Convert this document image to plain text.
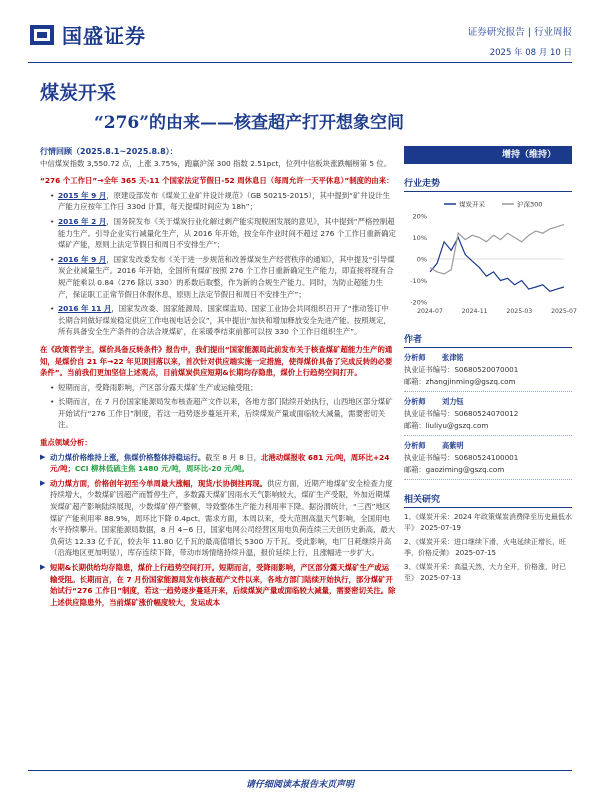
国盛证券	证券研究报告 | 行业周报
2025 年 08 月 10 日
煤炭开采
“276”的由来——核查超产打开想象空间
行情回顾（2025.8.1~2025.8.8）：
中信煤炭指数 3,550.72 点，上涨 3.75%，跑赢沪深 300 指数 2.51pct，位列中信板块涨跌幅榜第 5 位。
“276 个工作日”→全年 365 天-11 个国家法定节假日-52 周休息日（每周允许一天平休息）”制度的由来：
• 2015 年 9 月，原建设部发布《煤炭工业矿井设计规范》（GB 50215-2015），其中提到“矿井设计生产能力应按年工作日 330d 计算，每天提煤时间应为 18h”；
• 2016 年 2 月，国务院发布《关于煤炭行业化解过剩产能实现脱困发展的意见》，其中提到“严格控制超能力生产。引导企业实行减量化生产，从 2016 年开始，按全年作业时间不超过 276 个工作日重新确定煤矿产能，原则上法定节假日和周日不安排生产”；
• 2016 年 9 月，国家发改委发布《关于进一步规范和改善煤炭生产经营秩序的通知》，其中提及“引导煤炭企业减量生产。2016 年开始，全国所有煤矿按照 276 个工作日重新确定生产能力，即直接将现有合规产能乘以 0.84（276 除以 330）的系数后取整，作为新的合规生产能力。同时，为防止超能力生产，保证职工正常节假日休假休息，原则上法定节假日和周日不安排生产”；
• 2016 年 11 月，国家发改委、国家能源局、国家煤监局、国家工业协会共同组织召开了“推动签订中长期合同做好煤炭稳定供应工作电视电话会议”，其中提出“加快和增加释放安全先进产能。按照规定，所有具备安全生产条件的合法合规煤矿，在采暖季结束前都可以按 330 个工作日组织生产”。
在《政策哲学主，煤价具备反转条件》报告中，我们提出“国家能源局此前发布关于核查煤矿超能力生产的通知，是煤价自 21 年→22 年见顶回落以来，首次针对供应端实施一定措施，使得煤价具备了完成反转的必要条件”。当前我们更加坚信上述观点，目前煤炭供应短期&长期均存隐患，煤价上行趋势空间打开。
• 短期而言，受降雨影响，产区部分露天煤矿生产或运输受阻；
• 长期而言，在 7 月份国家能源局发布核查超产文件以来，各地方部门陆续开始执行，山西地区部分煤矿开始试行“276 工作日”制度，若这一趋势逐步蔓延开来，后续煤炭产量或面临较大减量，需要密切关注。
重点领域分析：
▶ 动力煤价格维持上涨，焦煤价格整体持稳运行。截至 8 月 8 日，北港动煤报收 681 元/吨，周环比+24 元/吨；CCI 柳林低硫主焦 1480 元/吨，周环比-20 元/吨。
▶ 动力煤方面，价格创年初至今单周最大涨幅，现货/长协倒挂再现。供应方面，近期产地煤矿安全检查力度持续增大，少数煤矿因超产而暂停生产，多数露天煤矿因雨水天气影响较大，煤矿生产受限，外加近期煤炭煤矿超产影响陆续展现，少数煤矿停产整顿，导致整体生产能力利用率下降。据汾渭统计，“三西”地区煤矿产能利用率 88.9%，周环比下降 0.4pct。需求方面，本周以来，受大范围高温天气影响，全国用电水平持续攀升。国家能源局数据，8 月 4~6 日，国家电网公司经营区用电负荷连续三天创历史新高，最大负荷达 12.33 亿千瓦，较去年 11.80 亿千瓦的最高值增长 5300 万千瓦。受此影响，电厂日耗继续升高（沿海地区更加明显），库存连续下降，带动市场情绪持续升温，报价延续上行，且涨幅进一步扩大。
▶ 短期&长期供给均存隐患，煤价上行趋势空间打开。短期而言，受降雨影响，产区部分露天煤矿生产或运输受阻。长期而言，在 7 月份国家能源局发布核查超产文件以来，各地方部门陆续开始执行，部分煤矿开始试行“276 工作日”制度，若这一趋势逐步蔓延开来，后续煤炭产量或面临较大减量，需要密切关注。除上述供应隐患外，当前煤矿涨价幅度较大，发运成本
增持（维持）
行业走势
20%
10%
0%
-10%
-20%
2024-07	2024-11	2025-03	2025-07
煤炭开采	沪深300
作者
分析师 张津铭
执业证书编号：S0680520070001
邮箱：zhangjinming@gszq.com
分析师 刘力钰
执业证书编号：S0680524070012
邮箱：liuliyu@gszq.com
分析师 高紫明
执业证书编号：S0680524100001
邮箱：gaoziming@gszq.com
相关研究
1、《煤炭开采：2024 年政策煤炭消费降至历史最低水平》 2025-07-19
2、《煤炭开采：进口继续下滑，火电延续正增长，旺季，价格反弹》 2025-07-15
3、《煤炭开采：高温天然，大力全开，价格涨，时已至》 2025-07-13
请仔细阅读本报告末页声明
